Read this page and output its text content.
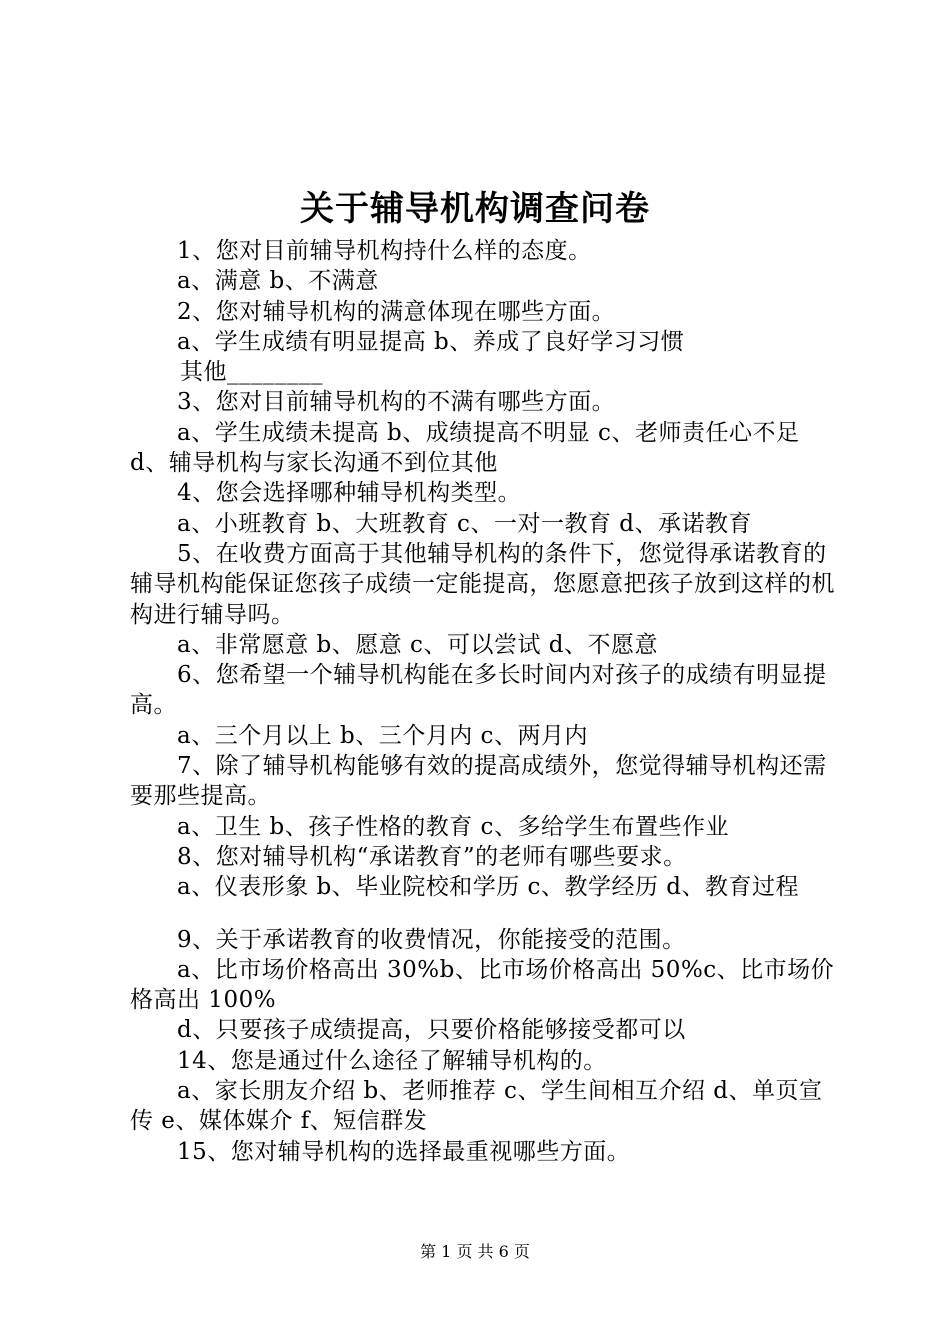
关于辅导机构调查问卷

1、您对目前辅导机构持什么样的态度。

a、满意 b、不满意

2、您对辅导机构的满意体现在哪些方面。

a、学生成绩有明显提高 b、养成了良好学习习惯

其他________

3、您对目前辅导机构的不满有哪些方面。

a、学生成绩未提高 b、成绩提高不明显 c、老师责任心不足 d、辅导机构与家长沟通不到位其他

4、您会选择哪种辅导机构类型。

a、小班教育 b、大班教育 c、一对一教育 d、承诺教育

5、在收费方面高于其他辅导机构的条件下，您觉得承诺教育的辅导机构能保证您孩子成绩一定能提高，您愿意把孩子放到这样的机构进行辅导吗。

a、非常愿意 b、愿意 c、可以尝试 d、不愿意

6、您希望一个辅导机构能在多长时间内对孩子的成绩有明显提高。

a、三个月以上 b、三个月内 c、两月内

7、除了辅导机构能够有效的提高成绩外，您觉得辅导机构还需要那些提高。

a、卫生 b、孩子性格的教育 c、多给学生布置些作业

8、您对辅导机构“承诺教育”的老师有哪些要求。

a、仪表形象 b、毕业院校和学历 c、教学经历 d、教育过程

9、关于承诺教育的收费情况，你能接受的范围。

a、比市场价格高出 30%b、比市场价格高出 50%c、比市场价格高出 100%

d、只要孩子成绩提高，只要价格能够接受都可以

14、您是通过什么途径了解辅导机构的。

a、家长朋友介绍 b、老师推荐 c、学生间相互介绍 d、单页宣传 e、媒体媒介 f、短信群发

15、您对辅导机构的选择最重视哪些方面。

第 1 页 共 6 页
